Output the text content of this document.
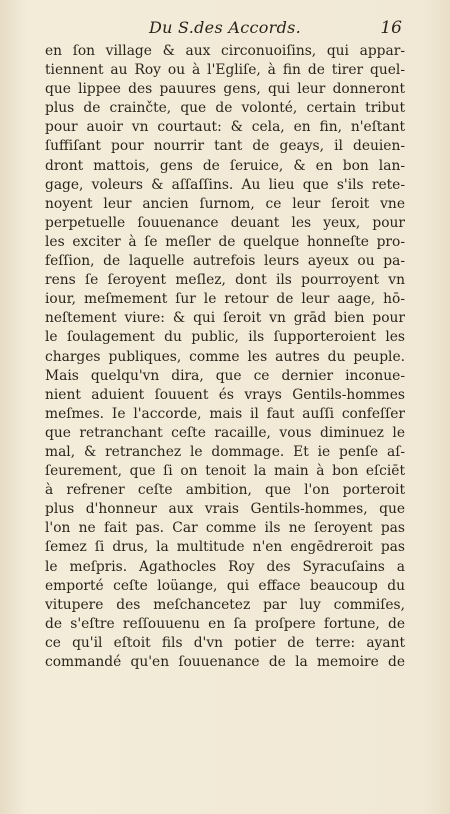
Du S.des Accords.	16
en ſon village & aux circonuoiſins, qui appar-
tiennent au Roy ou à l'Egliſe, à fin de tirer quel-
que lippee des pauures gens, qui leur donneront
plus de crainčte, que de volonté, certain tribut
pour auoir vn courtaut: & cela, en fin, n'eſtant
ſuffiſant pour nourrir tant de geays, il deuien-
dront mattois, gens de ſeruice, & en bon lan-
gage, voleurs & aſſaſſins. Au lieu que s'ils rete-
noyent leur ancien ſurnom, ce leur ſeroit vne
perpetuelle ſouuenance deuant les yeux, pour
les exciter à ſe meſler de quelque honneſte pro-
feſſion, de laquelle autrefois leurs ayeux ou pa-
rens ſe ſeroyent meſlez, dont ils pourroyent vn
iour, meſmement ſur le retour de leur aage, hō-
neſtement viure: & qui ſeroit vn grād bien pour
le ſoulagement du public, ils ſupporteroient les
charges publiques, comme les autres du peuple.
Mais quelqu'vn dira, que ce dernier inconue-
nient aduient ſouuent és vrays Gentils-hommes
meſmes. Ie l'accorde, mais il faut auſſi confeſſer
que retranchant ceſte racaille, vous diminuez le
mal, & retranchez le dommage. Et ie penſe aſ-
ſeurement, que ſi on tenoit la main à bon eſciēt
à refrener ceſte ambition, que l'on porteroit
plus d'honneur aux vrais Gentils-hommes, que
l'on ne fait pas. Car comme ils ne ſeroyent pas
ſemez ſi drus, la multitude n'en engēdreroit pas
le meſpris. Agathocles Roy des Syracuſains a
emporté ceſte loüange, qui efface beaucoup du
vitupere des meſchancetez par luy commiſes,
de s'eſtre reſſouuenu en ſa proſpere fortune, de
ce qu'il eſtoit fils d'vn potier de terre: ayant
commandé qu'en ſouuenance de la memoire de
